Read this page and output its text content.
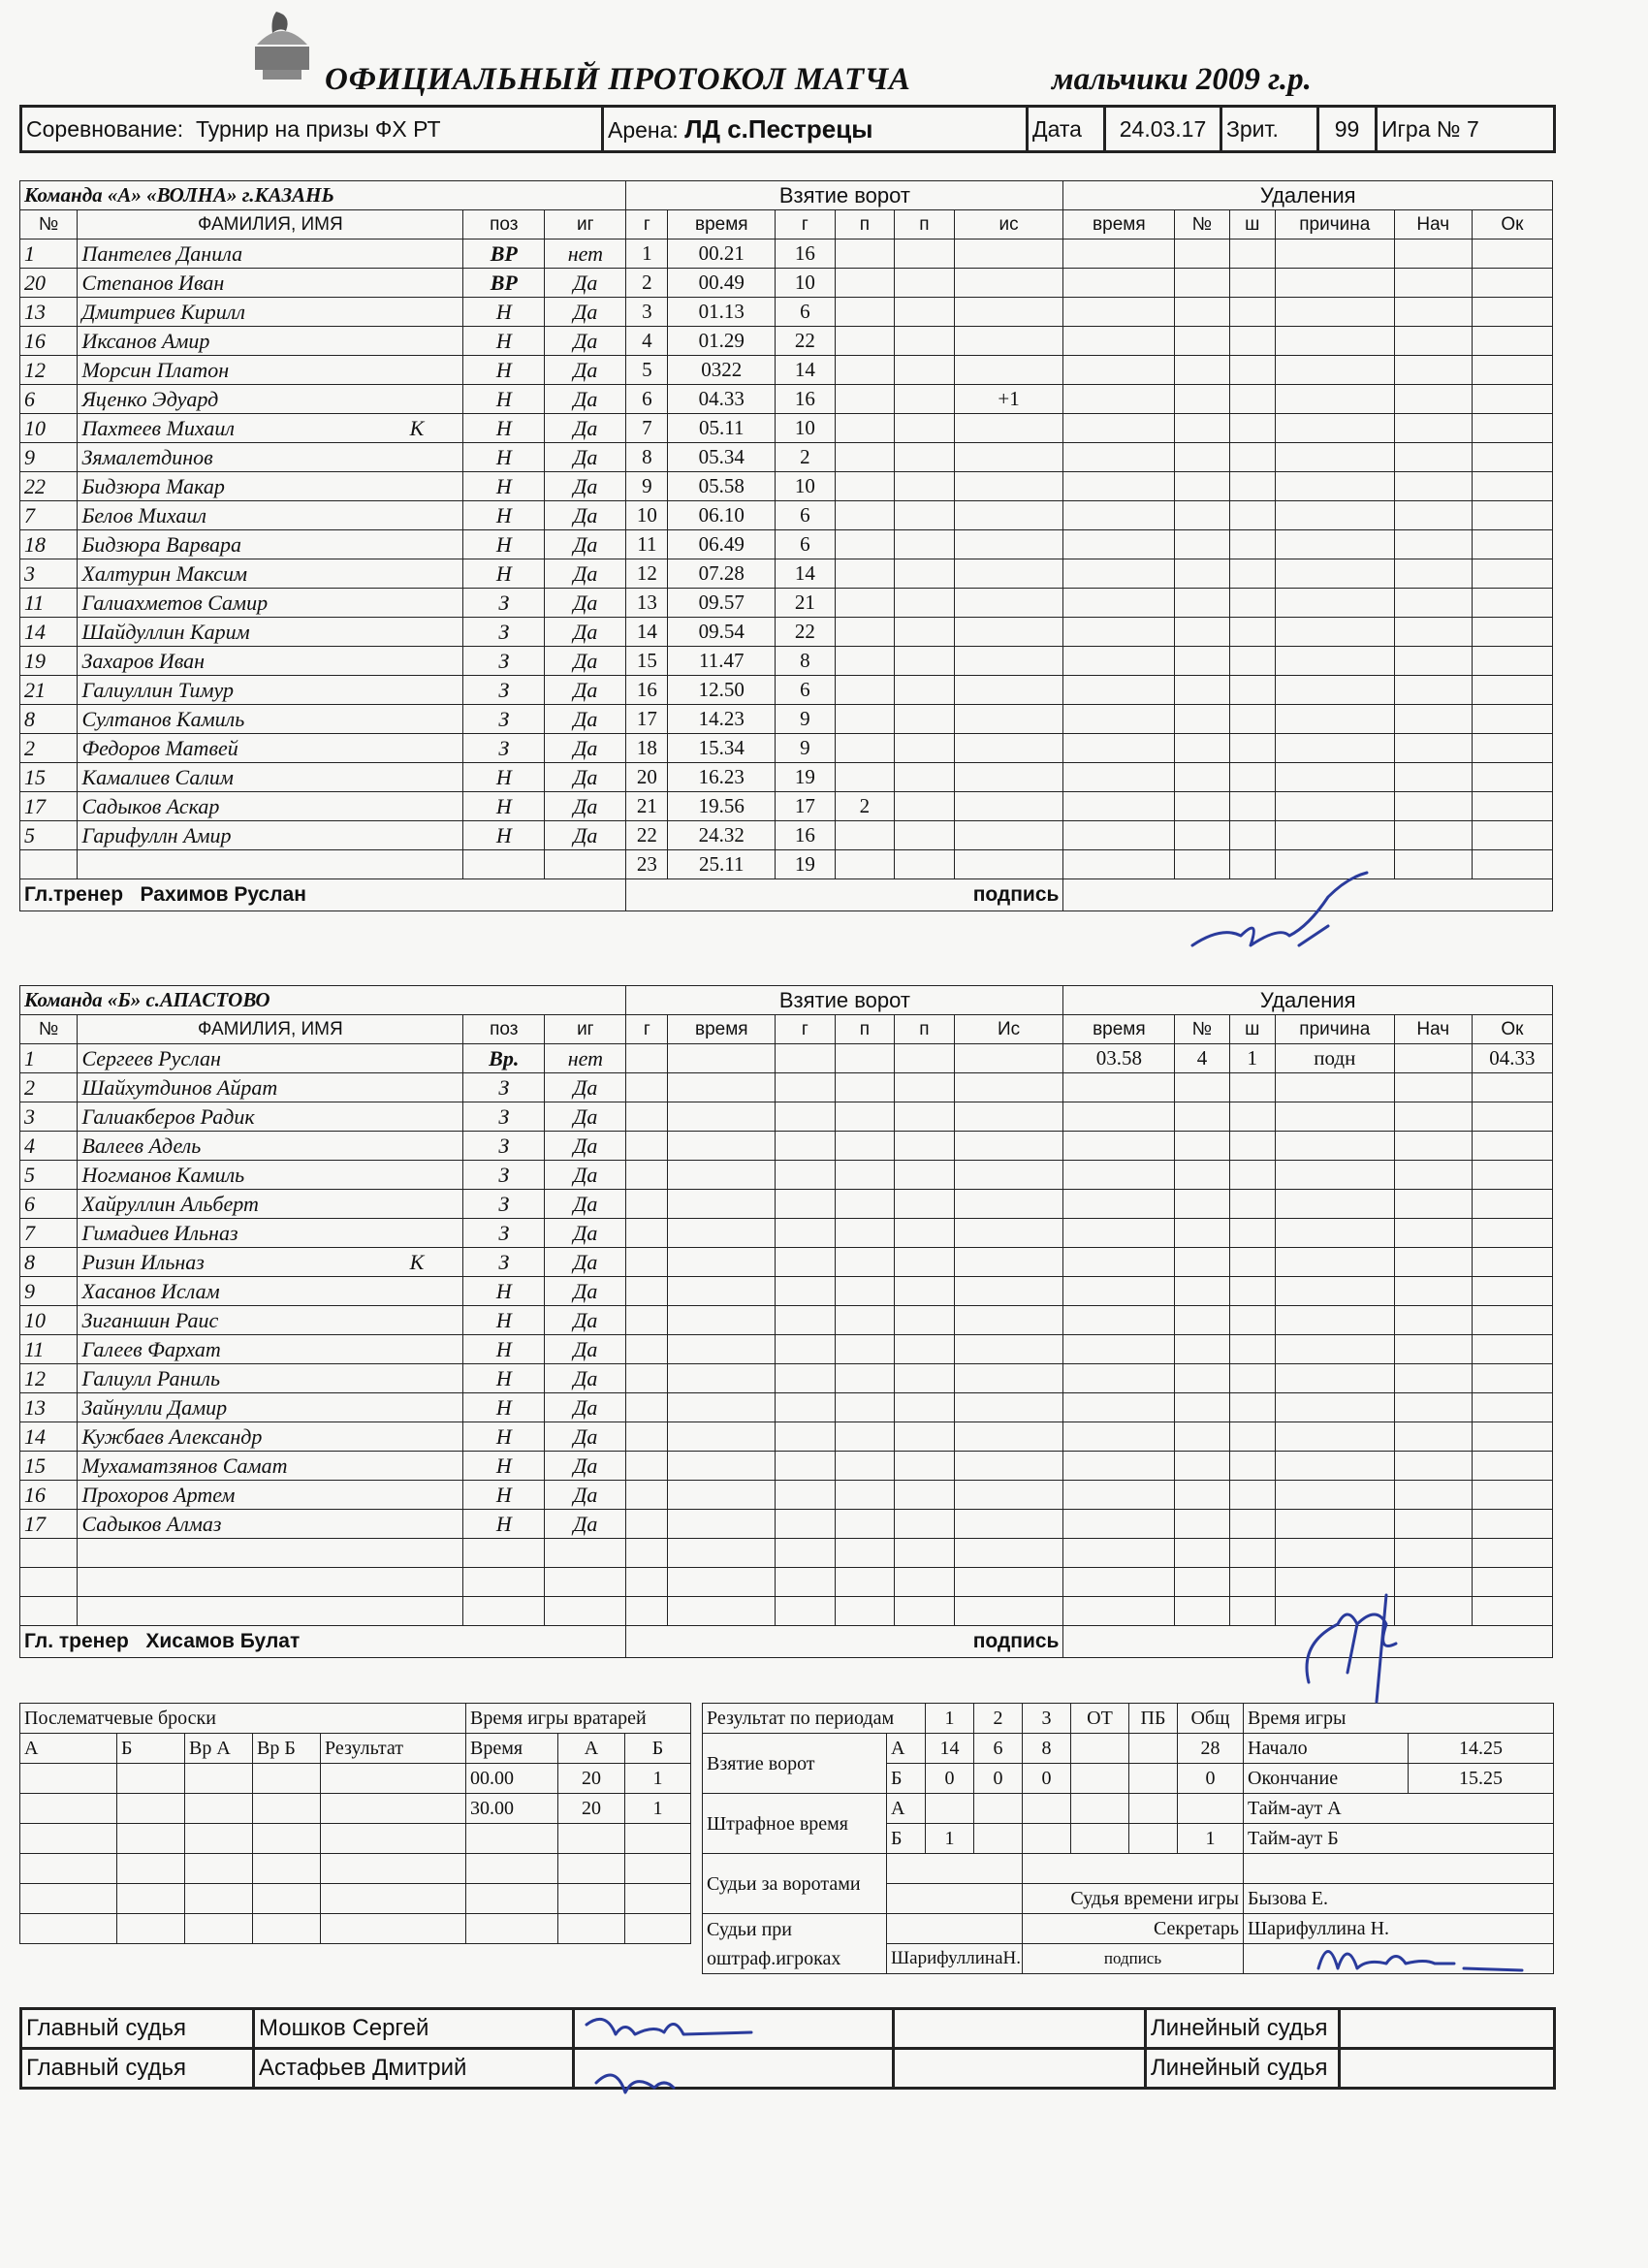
ОФИЦИАЛЬНЫЙ ПРОТОКОЛ МАТЧА	мальчики 2009 г.р.
Соревнование: Турнир на призы ФХ РТ	Арена: ЛД с.Пестрецы	Дата	24.03.17	Зрит.	99	Игра № 7
Команда «А» «ВОЛНА» г.КАЗАНЬ				Взятие ворот						Удаления					
№	ФАМИЛИЯ, ИМЯ	поз	иг	г	время	г	п	п	ис	время	№	ш	причина	Нач	Ок
1	Пантелев Данила	ВР	нет	1	00.21	16									
20	Степанов Иван	ВР	Да	2	00.49	10									
13	Дмитриев Кирилл	Н	Да	3	01.13	6									
16	Иксанов Амир	Н	Да	4	01.29	22									
12	Морсин Платон	Н	Да	5	0322	14									
6	Яценко Эдуард	Н	Да	6	04.33	16			+1						
10	Пахтеев Михаил К	Н	Да	7	05.11	10									
9	Зямалетдинов	Н	Да	8	05.34	2									
22	Бидзюра Макар	Н	Да	9	05.58	10									
7	Белов Михаил	Н	Да	10	06.10	6									
18	Бидзюра Варвара	Н	Да	11	06.49	6									
3	Халтурин Максим	Н	Да	12	07.28	14									
11	Галиахметов Самир	З	Да	13	09.57	21									
14	Шайдуллин Карим	З	Да	14	09.54	22									
19	Захаров Иван	З	Да	15	11.47	8									
21	Галиуллин Тимур	З	Да	16	12.50	6									
8	Султанов Камиль	З	Да	17	14.23	9									
2	Федоров Матвей	З	Да	18	15.34	9									
15	Камалиев Салим	Н	Да	20	16.23	19									
17	Садыков Аскар	Н	Да	21	19.56	17	2								
5	Гарифуллн Амир	Н	Да	22	24.32	16									
				23	25.11	19									
Гл.тренер Рахимов Руслан				подпись											
Команда «Б» с.АПАСТОВО				Взятие ворот						Удаления					
№	ФАМИЛИЯ, ИМЯ	поз	иг	г	время	г	п	п	Ис	время	№	ш	причина	Нач	Ок
1	Сергеев Руслан	Вр.	нет							03.58	4	1	подн		04.33
2	Шайхутдинов Айрат	З	Да												
3	Галиакберов Радик	З	Да												
4	Валеев Адель	З	Да												
5	Ногманов Камиль	З	Да												
6	Хайруллин Альберт	З	Да												
7	Гимадиев Ильназ	З	Да												
8	Ризин Ильназ К	З	Да												
9	Хасанов Ислам	Н	Да												
10	Зиганшин Раис	Н	Да												
11	Галеев Фархат	Н	Да												
12	Галиулл Раниль	Н	Да												
13	Зайнулли Дамир	Н	Да												
14	Кужбаев Александр	Н	Да												
15	Мухаматзянов Самат	Н	Да												
16	Прохоров Артем	Н	Да												
17	Садыков Алмаз	Н	Да												

Гл. тренер Хисамов Булат				подпись											
Послематчевые броски					Время игры вратарей		
А	Б	Вр А	Вр Б	Результат	Время	А	Б
					00.00	20	1
					30.00	20	1

Результат по периодам		1	2	3	ОТ	ПБ	Общ	Время игры	
Взятие ворот	А	14	6	8			28	Начало	14.25
	Б	0	0	0			0	Окончание	15.25
Штрафное время	А							Тайм-аут А	
	Б	1					1	Тайм-аут Б	
Судьи за воротами									
				Судья времени игры				Бызова Е.	
Судьи при оштраф.игроках				Секретарь				Шарифуллина Н.	
	ШарифуллинаН.			подпись					
Главный судья	Мошков Сергей			Линейный судья	
Главный судья	Астафьев Дмитрий			Линейный судья	
